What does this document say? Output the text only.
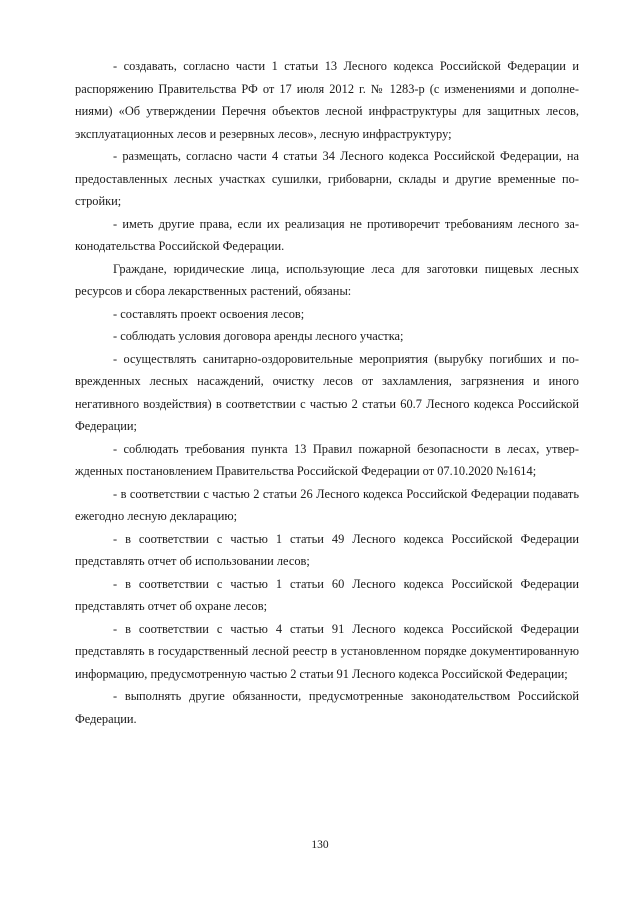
- создавать, согласно части 1 статьи 13 Лесного кодекса Российской Федерации и распоряжению Правительства РФ от 17 июля 2012 г. № 1283-р (с изменениями и дополнениями) «Об утверждении Перечня объектов лесной инфраструктуры для защитных лесов, эксплуатационных лесов и резервных лесов», лесную инфраструктуру;

- размещать, согласно части 4 статьи 34 Лесного кодекса Российской Федерации, на предоставленных лесных участках сушилки, грибоварни, склады и другие временные постройки;

- иметь другие права, если их реализация не противоречит требованиям лесного законодательства Российской Федерации.

Граждане, юридические лица, использующие леса для заготовки пищевых лесных ресурсов и сбора лекарственных растений, обязаны:

- составлять проект освоения лесов;

- соблюдать условия договора аренды лесного участка;

- осуществлять санитарно-оздоровительные мероприятия (вырубку погибших и поврежденных лесных насаждений, очистку лесов от захламления, загрязнения и иного негативного воздействия) в соответствии с частью 2 статьи 60.7 Лесного кодекса Российской Федерации;

- соблюдать требования пункта 13 Правил пожарной безопасности в лесах, утвержденных постановлением Правительства Российской Федерации от 07.10.2020 №1614;

- в соответствии с частью 2 статьи 26 Лесного кодекса Российской Федерации подавать ежегодно лесную декларацию;

- в соответствии с частью 1 статьи 49 Лесного кодекса Российской Федерации представлять отчет об использовании лесов;

- в соответствии с частью 1 статьи 60 Лесного кодекса Российской Федерации представлять отчет об охране лесов;

- в соответствии с частью 4 статьи 91 Лесного кодекса Российской Федерации представлять в государственный лесной реестр в установленном порядке документированную информацию, предусмотренную частью 2 статьи 91 Лесного кодекса Российской Федерации;

- выполнять другие обязанности, предусмотренные законодательством Российской Федерации.

130
